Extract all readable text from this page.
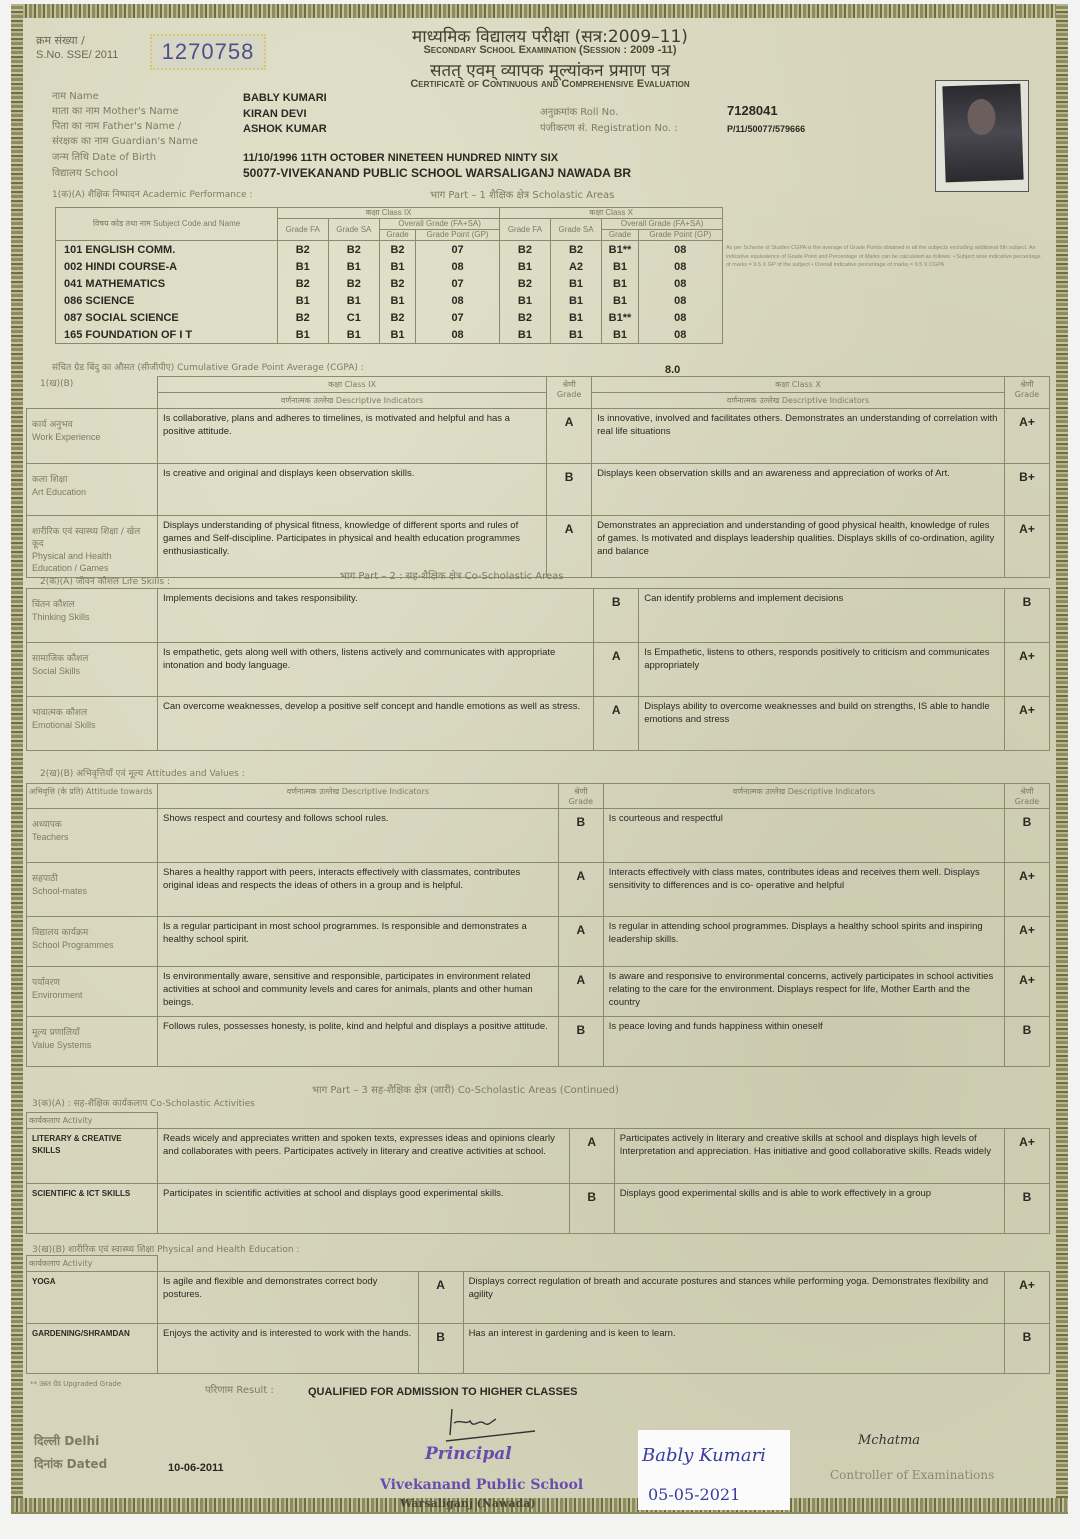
क्रम संख्या /
S.No. SSE/ 2011	1270758
माध्यमिक विद्यालय परीक्षा (सत्र:2009–11)
Secondary School Examination (Session : 2009 -11)
सतत् एवम् व्यापक मूल्यांकन प्रमाण पत्र
Certificate of Continuous and Comprehensive Evaluation
नाम Name	BABLY KUMARI
माता का नाम Mother's Name	KIRAN DEVI
पिता का नाम Father's Name /	ASHOK KUMAR
संरक्षक का नाम Guardian's Name
जन्म तिथि Date of Birth	11/10/1996 11TH OCTOBER NINETEEN HUNDRED NINTY SIX
विद्यालय School	50077-VIVEKANAND PUBLIC SCHOOL WARSALIGANJ NAWADA BR
अनुक्रमांक Roll No.	7128041
पंजीकरण सं. Registration No. :	P/11/50077/579666
1(क)(A) शैक्षिक निष्पादन Academic Performance :	भाग Part – 1 शैक्षिक क्षेत्र Scholastic Areas
विषय कोड तथा नाम Subject Code and Name	कक्षा Class IX				कक्षा Class X			
	Grade FA	Grade SA	Overall Grade (FA+SA)		Grade FA	Grade SA	Overall Grade (FA+SA)	
			Grade	Grade Point (GP)			Grade	Grade Point (GP)
101 ENGLISH COMM.	B2	B2	B2	07	B2	B2	B1**	08
002 HINDI COURSE-A	B1	B1	B1	08	B1	A2	B1	08
041 MATHEMATICS	B2	B2	B2	07	B2	B1	B1	08
086 SCIENCE	B1	B1	B1	08	B1	B1	B1	08
087 SOCIAL SCIENCE	B2	C1	B2	07	B2	B1	B1**	08
165 FOUNDATION OF I T	B1	B1	B1	08	B1	B1	B1	08
As per Scheme of Studies CGPA is the average of Grade Points obtained in all the subjects excluding additional 6th subject. An indicative equivalence of Grade Point and Percentage of Marks can be calculated as follows: • Subject wise indicative percentage of marks = 9.5 X GP of the subject • Overall indicative percentage of marks = 9.5 X CGPA
संचित ग्रेड बिंदु का औसत (सीजीपीए) Cumulative Grade Point Average (CGPA) :	8.0
1(ख)(B)
		कक्षा Class IX	श्रेणी Grade	कक्षा Class X	श्रेणी Grade
	वर्णनात्मक उल्लेख Descriptive Indicators		वर्णनात्मक उल्लेख Descriptive Indicators	

कार्य अनुभव
Work Experience	Is collaborative, plans and adheres to timelines, is motivated and helpful and has a positive attitude.	A	Is innovative, involved and facilitates others. Demonstrates an understanding of correlation with real life situations	A+

कला शिक्षा
Art Education	Is creative and original and displays keen observation skills.	B	Displays keen observation skills and an awareness and appreciation of works of Art.	B+

शारीरिक एवं स्वास्थ्य शिक्षा / खेल कूद
Physical and Health Education / Games	Displays understanding of physical fitness, knowledge of different sports and rules of games and Self-discipline. Participates in physical and health education programmes enthusiastically.	A	Demonstrates an appreciation and understanding of good physical health, knowledge of rules of games. Is motivated and displays leadership qualities. Displays skills of co-ordination, agility and balance	A+
2(क)(A) जीवन कौशल Life Skills :	भाग Part – 2 : सह-शैक्षिक क्षेत्र Co-Scholastic Areas
चिंतन कौशल
Thinking Skills	Implements decisions and takes responsibility.	B	Can identify problems and implement decisions	B

सामाजिक कौशल
Social Skills	Is empathetic, gets along well with others, listens actively and communicates with appropriate intonation and body language.	A	Is Empathetic, listens to others, responds positively to criticism and communicates appropriately	A+

भावात्मक कौशल
Emotional Skills	Can overcome weaknesses, develop a positive self concept and handle emotions as well as stress.	A	Displays ability to overcome weaknesses and build on strengths, IS able to handle emotions and stress	A+
2(ख)(B) अभिवृत्तियाँ एवं मूल्य Attitudes and Values :
अभिवृत्ति (के प्रति) Attitude towards	वर्णनात्मक उल्लेख Descriptive Indicators	श्रेणी Grade	वर्णनात्मक उल्लेख Descriptive Indicators	श्रेणी Grade

अध्यापक
Teachers	Shows respect and courtesy and follows school rules.	B	Is courteous and respectful	B

सहपाठी
School-mates	Shares a healthy rapport with peers, interacts effectively with classmates, contributes original ideas and respects the ideas of others in a group and is helpful.	A	Interacts effectively with class mates, contributes ideas and receives them well. Displays sensitivity to differences and is co- operative and helpful	A+

विद्यालय कार्यक्रम
School Programmes	Is a regular participant in most school programmes. Is responsible and demonstrates a healthy school spirit.	A	Is regular in attending school programmes. Displays a healthy school spirits and inspiring leadership skills.	A+

पर्यावरण
Environment	Is environmentally aware, sensitive and responsible, participates in environment related activities at school and community levels and cares for animals, plants and other human beings.	A	Is aware and responsive to environmental concerns, actively participates in school activities relating to the care for the environment. Displays respect for life, Mother Earth and the country	A+

मूल्य प्रणालियाँ
Value Systems	Follows rules, possesses honesty, is polite, kind and helpful and displays a positive attitude.	B	Is peace loving and funds happiness within oneself	B
भाग Part – 3 सह-शैक्षिक क्षेत्र (जारी) Co-Scholastic Areas (Continued)
3(क)(A) : सह-शैक्षिक कार्यकलाप Co-Scholastic Activities
कार्यकलाप Activity				

LITERARY & CREATIVE SKILLS	Reads wicely and appreciates written and spoken texts, expresses ideas and opinions clearly and collaborates with peers. Participates actively in literary and creative activities at school.	A	Participates actively in literary and creative skills at school and displays high levels of Interpretation and appreciation. Has initiative and good collaborative skills. Reads widely	A+

SCIENTIFIC & ICT SKILLS	Participates in scientific activities at school and displays good experimental skills.	B	Displays good experimental skills and is able to work effectively in a group	B
3(ख)(B) शारीरिक एवं स्वास्थ्य शिक्षा Physical and Health Education :
कार्यकलाप Activity				

YOGA	Is agile and flexible and demonstrates correct body postures.	A	Displays correct regulation of breath and accurate postures and stances while performing yoga. Demonstrates flexibility and agility	A+

GARDENING/SHRAMDAN	Enjoys the activity and is interested to work with the hands.	B	Has an interest in gardening and is keen to learn.	B
** उन्नत ग्रेड Upgraded Grade
परिणाम Result :	QUALIFIED FOR ADMISSION TO HIGHER CLASSES
दिल्ली Delhi
दिनांक Dated	10-06-2011
Principal
Vivekanand Public School
Warsaliganj (Nawada)
Bably Kumari
05-05-2021
Mchatma
Controller of Examinations
